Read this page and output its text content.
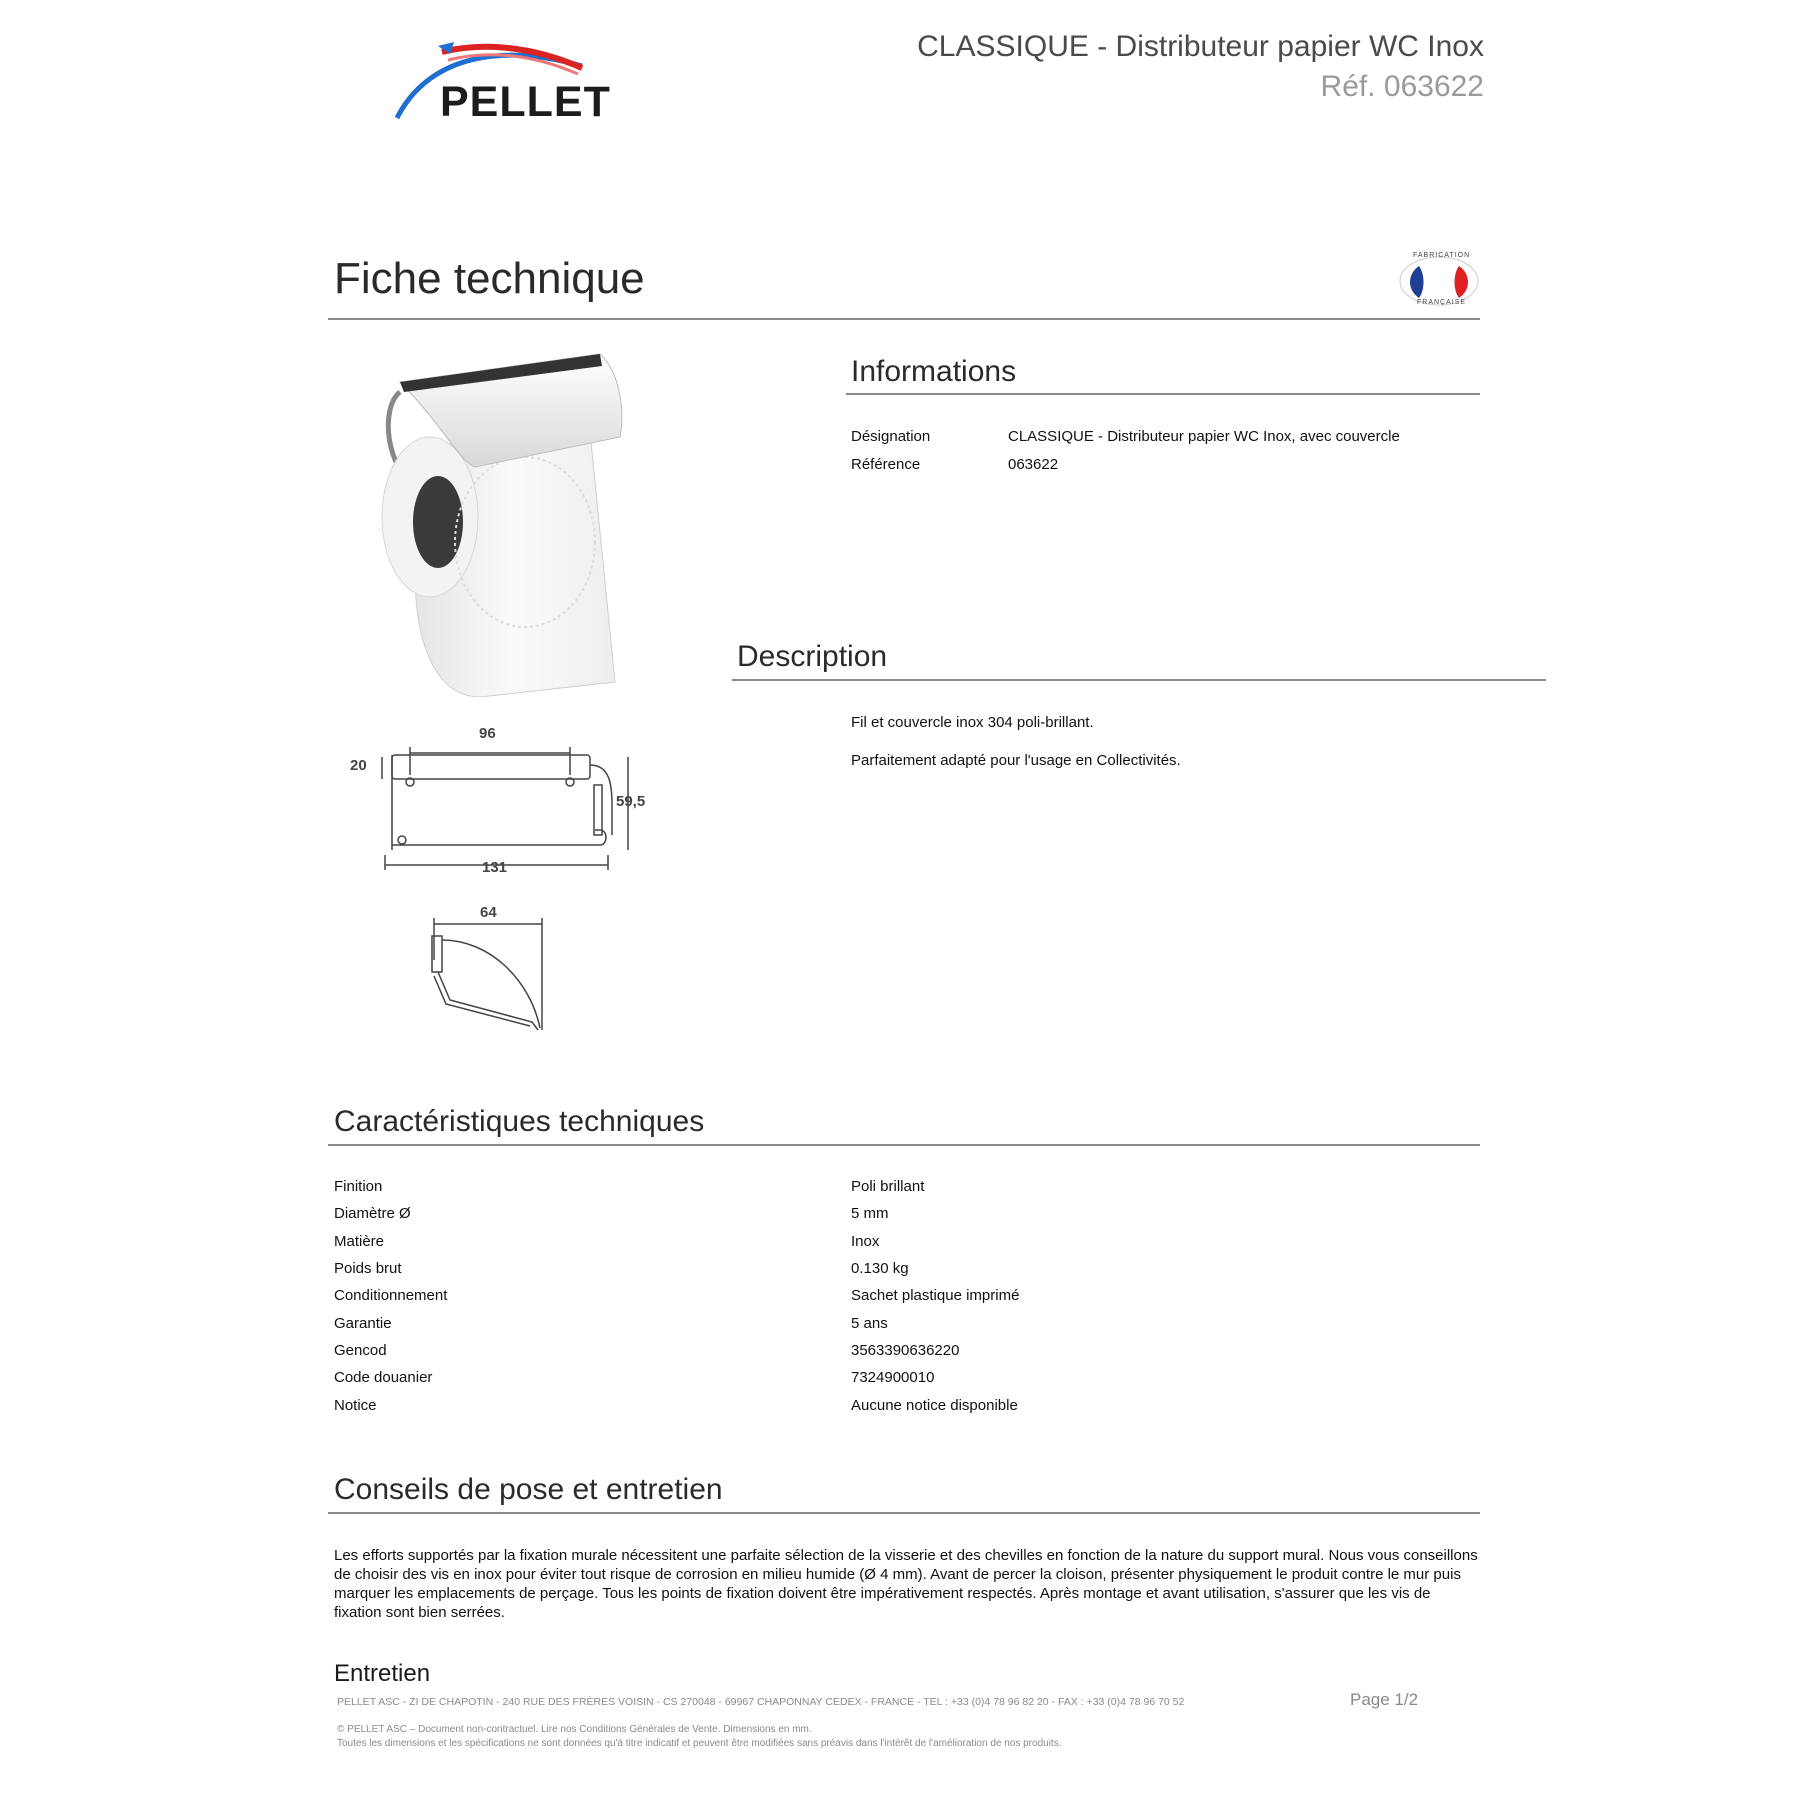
PELLET
CLASSIQUE - Distributeur papier WC Inox
Réf. 063622
Fiche technique	FABRICATION
FRANÇAISE
96
20
59,5
131
64
Informations
Désignation	CLASSIQUE - Distributeur papier WC Inox, avec couvercle
Référence	063622
Description
Fil et couvercle inox 304 poli-brillant.
Parfaitement adapté pour l'usage en Collectivités.
Caractéristiques techniques
Finition	Poli brillant
Diamètre Ø	5 mm
Matière	Inox
Poids brut	0.130 kg
Conditionnement	Sachet plastique imprimé
Garantie	5 ans
Gencod	3563390636220
Code douanier	7324900010
Notice	Aucune notice disponible
Conseils de pose et entretien
Les efforts supportés par la fixation murale nécessitent une parfaite sélection de la visserie et des chevilles en fonction de la nature du support mural. Nous vous conseillons de choisir des vis en inox pour éviter tout risque de corrosion en milieu humide (Ø 4 mm). Avant de percer la cloison, présenter physiquement le produit contre le mur puis marquer les emplacements de perçage. Tous les points de fixation doivent être impérativement respectés. Après montage et avant utilisation, s'assurer que les vis de fixation sont bien serrées.
Entretien
PELLET ASC - ZI DE CHAPOTIN - 240 RUE DES FRÈRES VOISIN - CS 270048 - 69967 CHAPONNAY CEDEX - FRANCE - TEL : +33 (0)4 78 96 82 20 - FAX : +33 (0)4 78 96 70 52	Page 1/2
© PELLET ASC – Document non-contractuel. Lire nos Conditions Générales de Vente. Dimensions en mm.
Toutes les dimensions et les spécifications ne sont données qu'à titre indicatif et peuvent être modifiées sans préavis dans l'intérêt de l'amélioration de nos produits.
